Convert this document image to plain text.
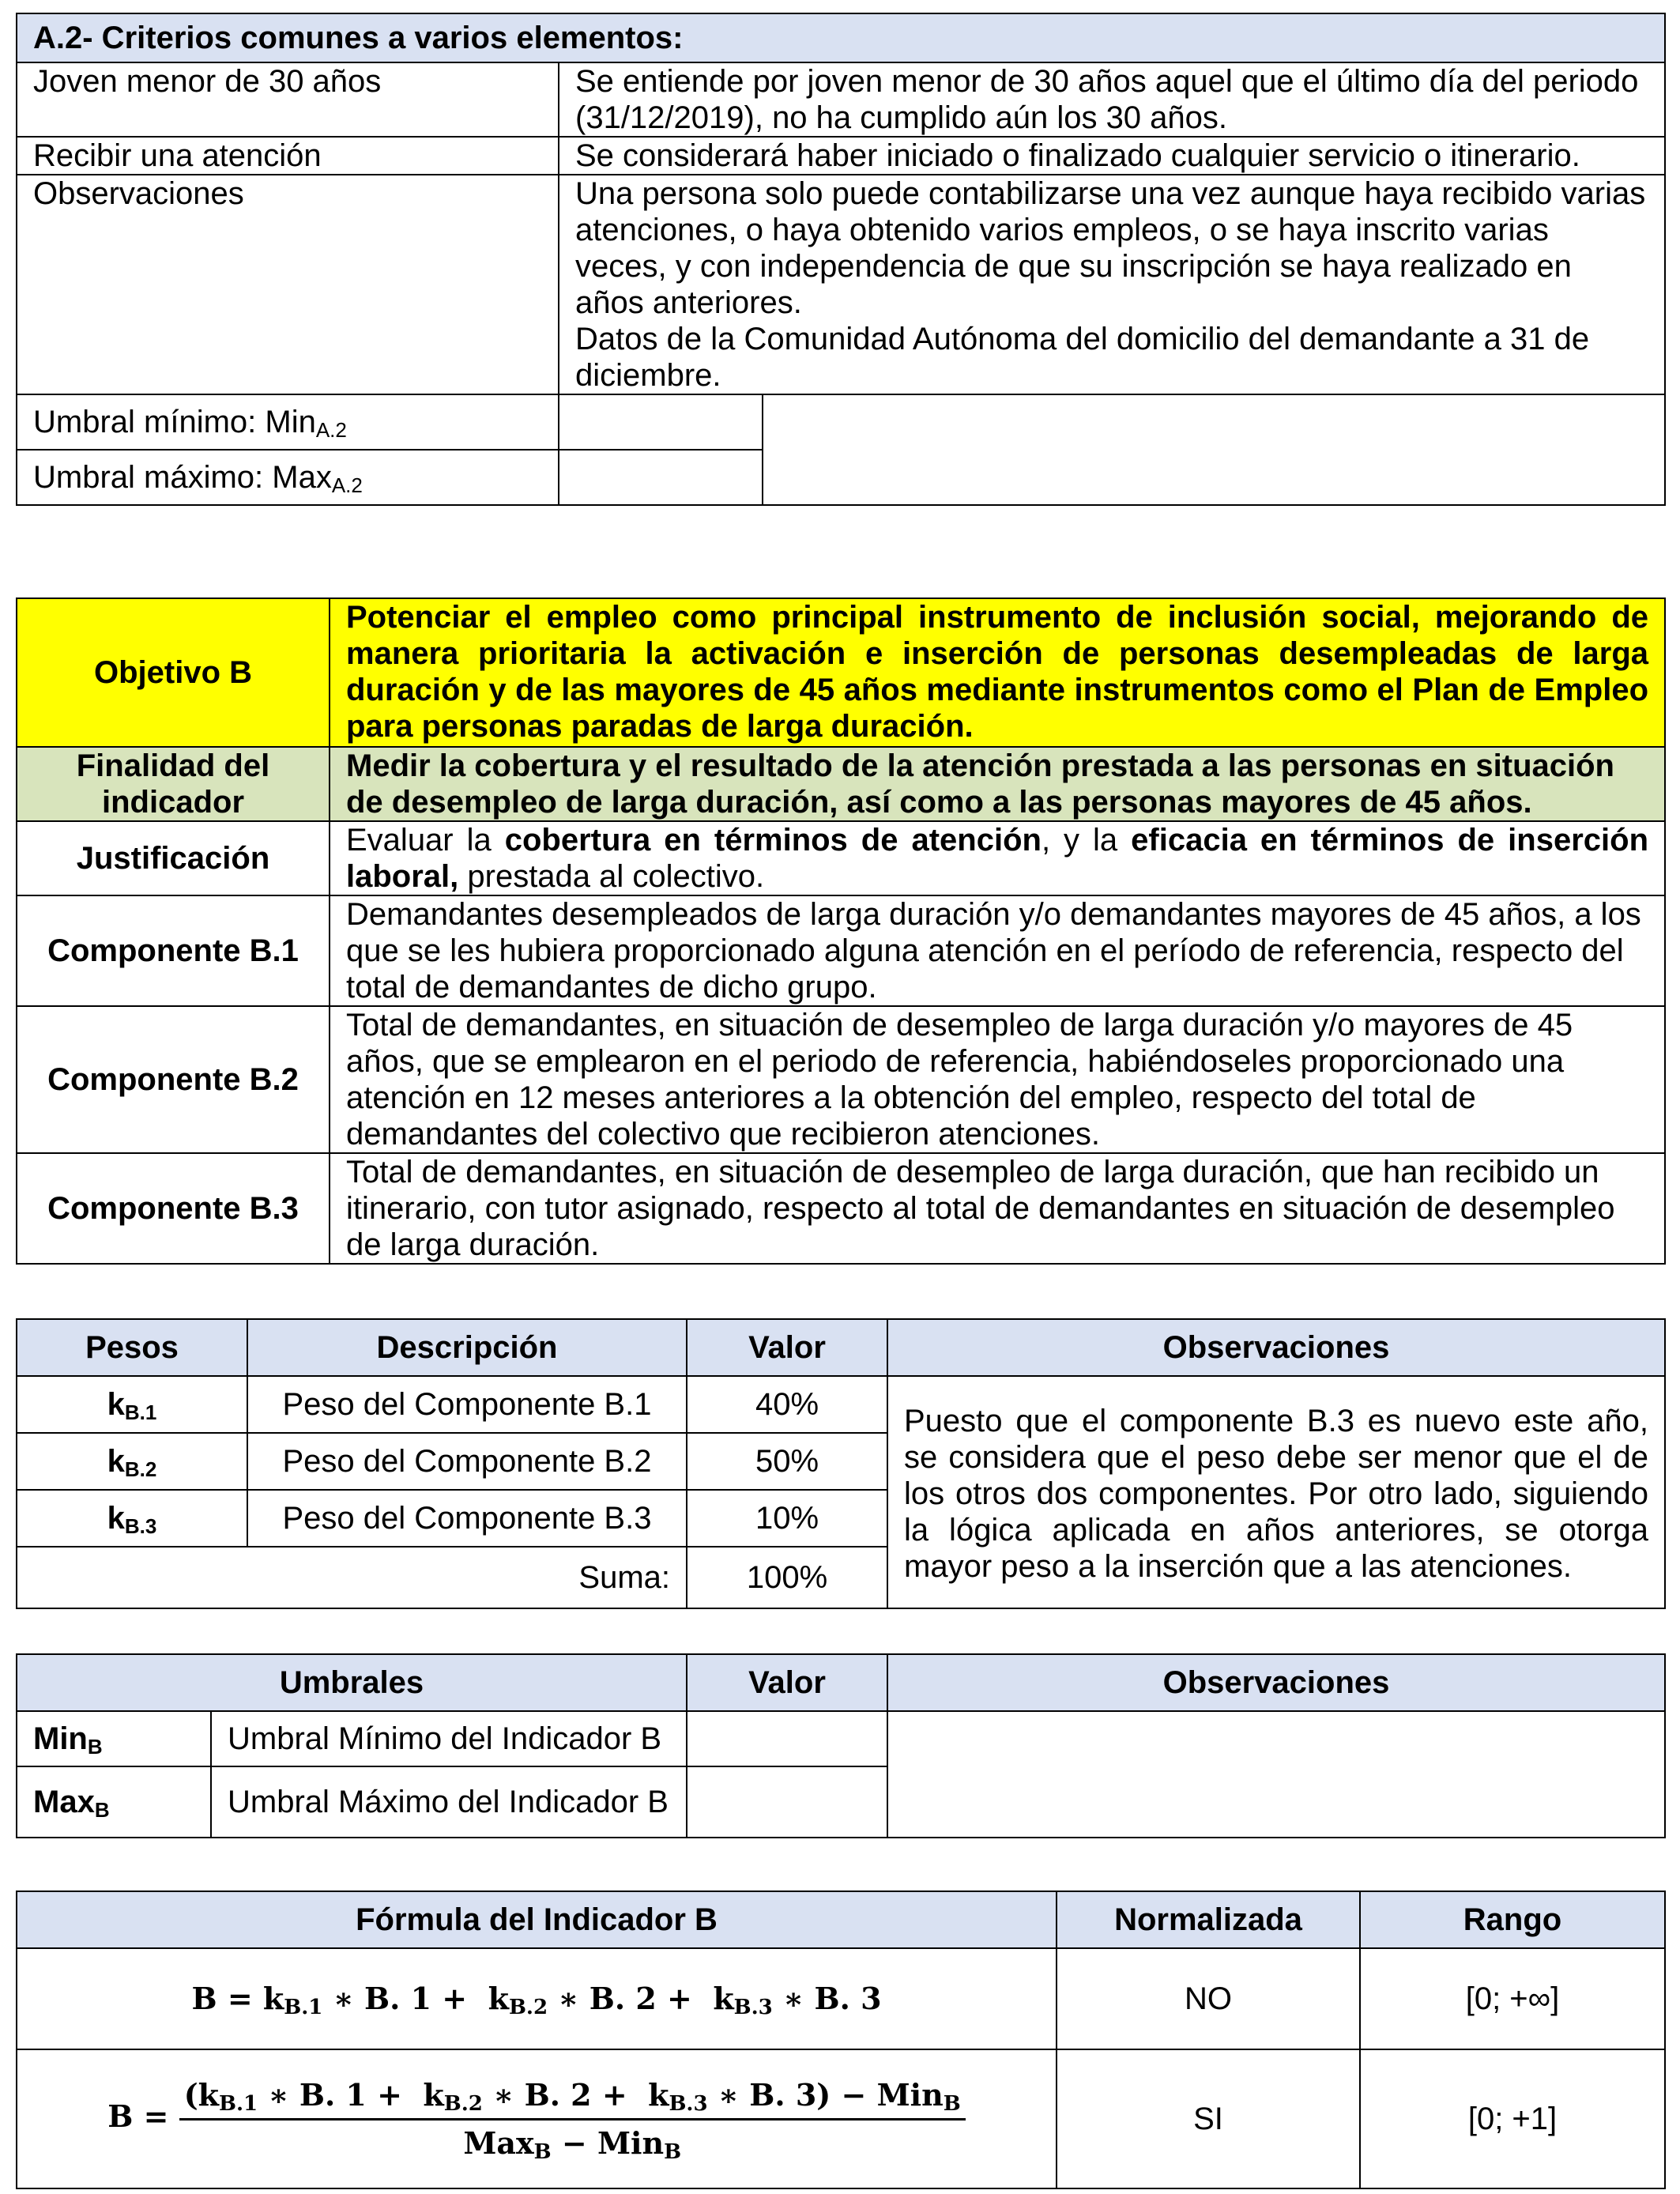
A.2- Criterios comunes a varios elementos:		
Joven menor de 30 años	Se entiende por joven menor de 30 años aquel que el último día del periodo (31/12/2019), no ha cumplido aún los 30 años.	
Recibir una atención	Se considerará haber iniciado o finalizado cualquier servicio o itinerario.	
Observaciones	Una persona solo puede contabilizarse una vez aunque haya recibido varias atenciones, o haya obtenido varios empleos, o se haya inscrito varias veces, y con independencia de que su inscripción se haya realizado en años anteriores.
Datos de la Comunidad Autónoma del domicilio del demandante a 31 de diciembre.	

Umbral mínimo: Min$_{A.2}$		
Umbral máximo: Max$_{A.2}$	
Objetivo B	Potenciar el empleo como principal instrumento de inclusión social, mejorando de manera prioritaria la activación e inserción de personas desempleadas de larga duración y de las mayores de 45 años mediante instrumentos como el Plan de Empleo para personas paradas de larga duración.
Finalidad del indicador	Medir la cobertura y el resultado de la atención prestada a las personas en situación de desempleo de larga duración, así como a las personas mayores de 45 años.
Justificación	Evaluar la cobertura en términos de atención, y la eficacia en términos de inserción laboral, prestada al colectivo.
Componente B.1	Demandantes desempleados de larga duración y/o demandantes mayores de 45 años, a los que se les hubiera proporcionado alguna atención en el período de referencia, respecto del total de demandantes de dicho grupo.
Componente B.2	Total de demandantes, en situación de desempleo de larga duración y/o mayores de 45 años, que se emplearon en el periodo de referencia, habiéndoseles proporcionado una atención en 12 meses anteriores a la obtención del empleo, respecto del total de demandantes del colectivo que recibieron atenciones.
Componente B.3	Total de demandantes, en situación de desempleo de larga duración, que han recibido un itinerario, con tutor asignado, respecto al total de demandantes en situación de desempleo de larga duración.
Pesos	Descripción	Valor	Observaciones
$k_{B.1}$	Peso del Componente B.1	40%	Puesto que el componente B.3 es nuevo este año, se considera que el peso debe ser menor que el de los otros dos componentes. Por otro lado, siguiendo la lógica aplicada en años anteriores, se otorga mayor peso a la inserción que a las atenciones.
$k_{B.2}$	Peso del Componente B.2	50%	
$k_{B.3}$	Peso del Componente B.3	10%	
Suma:		100%	
Umbrales		Valor	Observaciones
Min$_B$	Umbral Mínimo del Indicador B		
Max$_B$	Umbral Máximo del Indicador B		
Fórmula del Indicador B	Normalizada	Rango
$B = k_{B.1}$ ∗ B. $1 + k_{B.2}$ ∗ B. $2 + k_{B.3}$ ∗ B. 3	NO	[0; +∞]
$B = \frac{(k_{B.1} ∗ B. 1 + k_{B.2} ∗ B. 2 + k_{B.3} ∗ B. 3) - Min_B}{Max_B - Min_B}$	SI	[0; +1]
